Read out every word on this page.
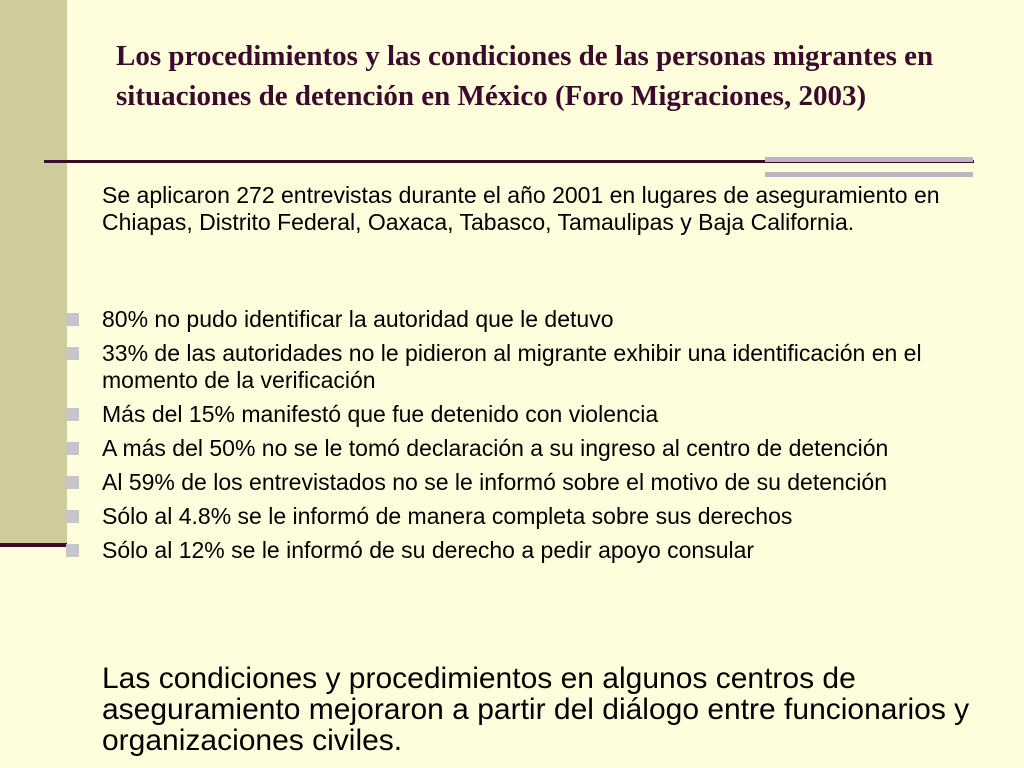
Los procedimientos y las condiciones de las personas migrantes en situaciones de detención en México (Foro Migraciones, 2003)

Se aplicaron 272 entrevistas durante el año 2001 en lugares de aseguramiento en Chiapas, Distrito Federal, Oaxaca, Tabasco, Tamaulipas y Baja California.

80% no pudo identificar la autoridad que le detuvo
33% de las autoridades no le pidieron al migrante exhibir una identificación en el momento de la verificación
Más del 15% manifestó que fue detenido con violencia
A más del 50% no se le tomó declaración a su ingreso al centro de detención
Al 59% de los entrevistados no se le informó sobre el motivo de su detención
Sólo al 4.8% se le informó de manera completa sobre sus derechos
Sólo al 12% se le informó de su derecho a pedir apoyo consular

Las condiciones y procedimientos en algunos centros de aseguramiento mejoraron a partir del diálogo entre funcionarios y organizaciones civiles.
